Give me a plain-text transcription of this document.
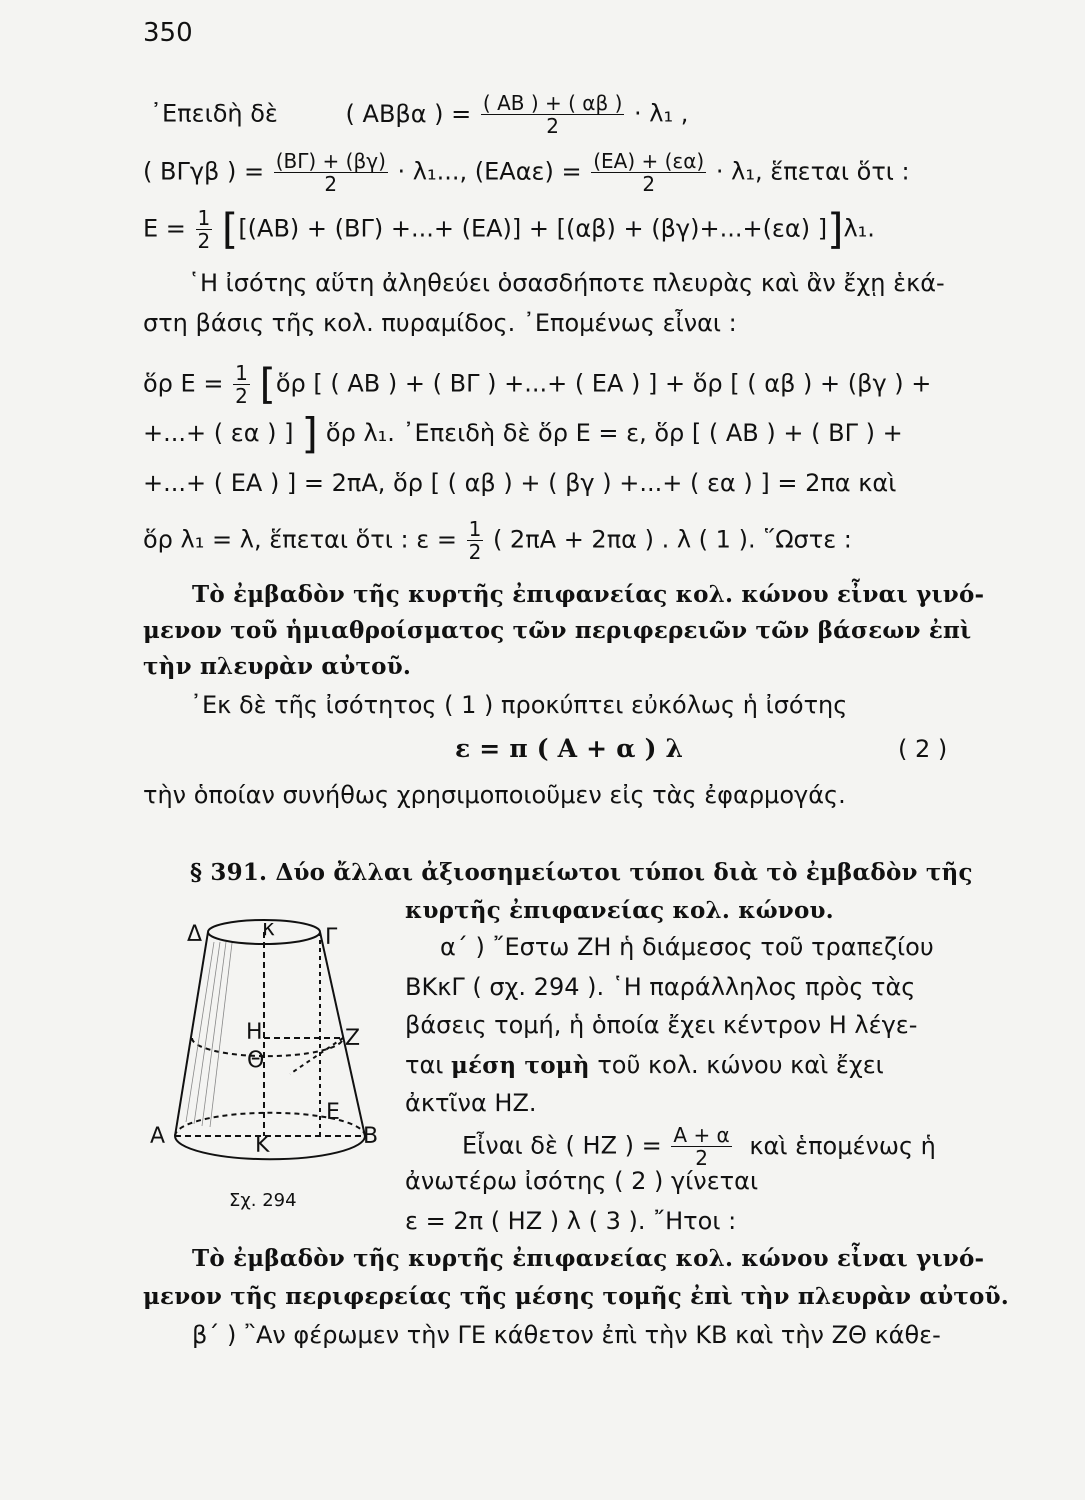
350
᾿Επειδὴ δὲ	( ΑΒβα ) = $\frac{( AB ) + ( \alpha\beta )}{2} \cdot \lambda_1$ ,
( ΒΓγβ ) = $\frac{(B\Gamma) + (\beta\gamma)}{2} \cdot \lambda_1$..., $(EA\alpha\varepsilon) = \frac{(EA) + (\varepsilon\alpha)}{2} \cdot \lambda_1$, ἕπεται ὅτι :
$E = \frac{1}{2} [[(AB) + (B\Gamma)$ +...+ (ΕΑ)] + [(αβ) + (βγ)+...+(εα) ]]λ₁.
῾Η ἰσότης αὕτη ἀληθεύει ὁσασδήποτε πλευρὰς καὶ ἂν ἔχῃ ἑκά-
στη βάσις τῆς κολ. πυραμίδος. ᾿Επομένως εἶναι :
ὅρ $E = \frac{1}{2}$ [ὅρ [ ( ΑΒ ) + ( ΒΓ ) +...+ ( ΕΑ ) ] + ὅρ [ ( αβ ) + (βγ ) +
+...+ ( εα ) ] ] ὅρ λ₁. ᾿Επειδὴ δὲ ὅρ Ε = ε, ὅρ [ ( ΑΒ ) + ( ΒΓ ) +
+...+ ( ΕΑ ) ] = 2πΑ, ὅρ [ ( αβ ) + ( βγ ) +...+ ( εα ) ] = 2πα καὶ
ὅρ λ₁ = λ, ἕπεται ὅτι : $\varepsilon = \frac{1}{2}$ ( 2πΑ + 2πα ) . λ ( 1 ). ῞Ωστε :
Τὸ ἐμβαδὸν τῆς κυρτῆς ἐπιφανείας κολ. κώνου εἶναι γινό-
μενον τοῦ ἡμιαθροίσματος τῶν περιφερειῶν τῶν βάσεων ἐπὶ
τὴν πλευρὰν αὐτοῦ.
᾿Εκ δὲ τῆς ἰσότητος ( 1 ) προκύπτει εὐκόλως ἡ ἰσότης
ε = π ( Α + α ) λ	( 2 )
τὴν ὁποίαν συνήθως χρησιμοποιοῦμεν εἰς τὰς ἐφαρμογάς.
§ 391. Δύο ἄλλαι ἀξιοσημείωτοι τύποι διὰ τὸ ἐμβαδὸν τῆς
κυρτῆς ἐπιφανείας κολ. κώνου.
α΄ ) ῎Εστω ΖΗ ἡ διάμεσος τοῦ τραπεζίου
ΒΚκΓ ( σχ. 294 ). ῾Η παράλληλος πρὸς τὰς
βάσεις τομή, ἡ ὁποία ἔχει κέντρον Η λέγε-
ται μέση τομὴ τοῦ κολ. κώνου καὶ ἔχει
ἀκτῖνα ΗΖ.
Εἶναι δὲ ( ΗΖ ) = $\frac{A + \alpha}{2}$ καὶ ἑπομένως ἡ
ἀνωτέρω ἰσότης ( 2 ) γίνεται
ε = 2π ( ΗΖ ) λ ( 3 ). ῎Ητοι :
Δ	κ Γ
Η	Ζ
Θ
Ε
Α	Κ	Β
Σχ. 294
Τὸ ἐμβαδὸν τῆς κυρτῆς ἐπιφανείας κολ. κώνου εἶναι γινό-
μενον τῆς περιφερείας τῆς μέσης τομῆς ἐπὶ τὴν πλευρὰν αὐτοῦ.
β΄ ) ῍Αν φέρωμεν τὴν ΓΕ κάθετον ἐπὶ τὴν ΚΒ καὶ τὴν ΖΘ κάθε-
